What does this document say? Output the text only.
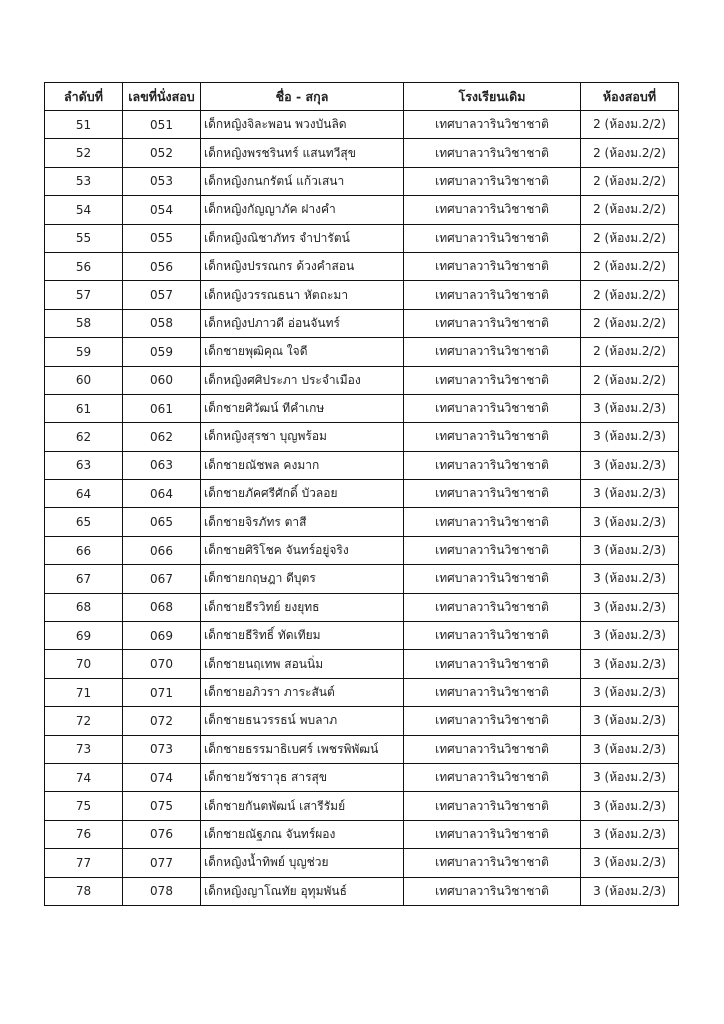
ลำดับที่	เลขที่นั่งสอบ	ชื่อ - สกุล	โรงเรียนเดิม	ห้องสอบที่
51	051	เด็กหญิงจิละพอน พวงบันลิด	เทศบาลวารินวิชาชาติ	2 (ห้องม.2/2)
52	052	เด็กหญิงพรชรินทร์ แสนทวีสุข	เทศบาลวารินวิชาชาติ	2 (ห้องม.2/2)
53	053	เด็กหญิงกนกรัตน์ แก้วเสนา	เทศบาลวารินวิชาชาติ	2 (ห้องม.2/2)
54	054	เด็กหญิงกัญญาภัค ฝางคำ	เทศบาลวารินวิชาชาติ	2 (ห้องม.2/2)
55	055	เด็กหญิงณิชาภัทร จำปารัตน์	เทศบาลวารินวิชาชาติ	2 (ห้องม.2/2)
56	056	เด็กหญิงปรรณกร ด้วงคำสอน	เทศบาลวารินวิชาชาติ	2 (ห้องม.2/2)
57	057	เด็กหญิงวรรณธนา หัตถะมา	เทศบาลวารินวิชาชาติ	2 (ห้องม.2/2)
58	058	เด็กหญิงปภาวดี อ่อนจันทร์	เทศบาลวารินวิชาชาติ	2 (ห้องม.2/2)
59	059	เด็กชายพุฒิคุณ ใจดี	เทศบาลวารินวิชาชาติ	2 (ห้องม.2/2)
60	060	เด็กหญิงศศิประภา ประจำเมือง	เทศบาลวารินวิชาชาติ	2 (ห้องม.2/2)
61	061	เด็กชายศิวัฒน์ ทีคำเกษ	เทศบาลวารินวิชาชาติ	3 (ห้องม.2/3)
62	062	เด็กหญิงสุรชา บุญพร้อม	เทศบาลวารินวิชาชาติ	3 (ห้องม.2/3)
63	063	เด็กชายณัชพล คงมาก	เทศบาลวารินวิชาชาติ	3 (ห้องม.2/3)
64	064	เด็กชายภัคศรีศักดิ์ บัวลอย	เทศบาลวารินวิชาชาติ	3 (ห้องม.2/3)
65	065	เด็กชายจิรภัทร ตาสี	เทศบาลวารินวิชาชาติ	3 (ห้องม.2/3)
66	066	เด็กชายศิริโชค จันทร์อยู่จริง	เทศบาลวารินวิชาชาติ	3 (ห้องม.2/3)
67	067	เด็กชายกฤษฎา ดีบุตร	เทศบาลวารินวิชาชาติ	3 (ห้องม.2/3)
68	068	เด็กชายธีรวิทย์ ยงยุทธ	เทศบาลวารินวิชาชาติ	3 (ห้องม.2/3)
69	069	เด็กชายธีริทธิ์ ทัดเทียม	เทศบาลวารินวิชาชาติ	3 (ห้องม.2/3)
70	070	เด็กชายนฤเทพ สอนนิ่ม	เทศบาลวารินวิชาชาติ	3 (ห้องม.2/3)
71	071	เด็กชายอภิวรา ภาระสันต์	เทศบาลวารินวิชาชาติ	3 (ห้องม.2/3)
72	072	เด็กชายธนวรรธน์ พบลาภ	เทศบาลวารินวิชาชาติ	3 (ห้องม.2/3)
73	073	เด็กชายธรรมาธิเบศร์ เพชรพิพัฒน์	เทศบาลวารินวิชาชาติ	3 (ห้องม.2/3)
74	074	เด็กชายวัชราวุธ สารสุข	เทศบาลวารินวิชาชาติ	3 (ห้องม.2/3)
75	075	เด็กชายกันตพัฒน์ เสารีรัมย์	เทศบาลวารินวิชาชาติ	3 (ห้องม.2/3)
76	076	เด็กชายณัฐภณ จันทร์ผอง	เทศบาลวารินวิชาชาติ	3 (ห้องม.2/3)
77	077	เด็กหญิงน้ำทิพย์ บุญช่วย	เทศบาลวารินวิชาชาติ	3 (ห้องม.2/3)
78	078	เด็กหญิงญาโณทัย อุทุมพันธ์	เทศบาลวารินวิชาชาติ	3 (ห้องม.2/3)
